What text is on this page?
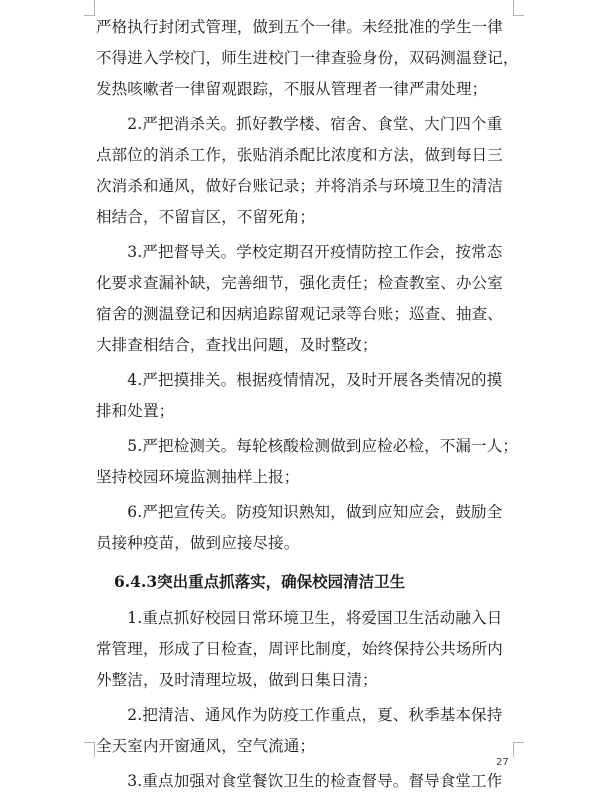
严格执行封闭式管理，做到五个一律。未经批准的学生一律
不得进入学校门，师生进校门一律查验身份，双码测温登记，
发热咳嗽者一律留观跟踪，不服从管理者一律严肃处理；
　　2.严把消杀关。抓好教学楼、宿舍、食堂、大门四个重
点部位的消杀工作，张贴消杀配比浓度和方法，做到每日三
次消杀和通风，做好台账记录；并将消杀与环境卫生的清洁
相结合，不留盲区，不留死角；
　　3.严把督导关。学校定期召开疫情防控工作会，按常态
化要求查漏补缺，完善细节，强化责任；检查教室、办公室
宿舍的测温登记和因病追踪留观记录等台账；巡查、抽查、
大排查相结合，查找出问题，及时整改；
　　4.严把摸排关。根据疫情情况，及时开展各类情况的摸
排和处置；
　　5.严把检测关。每轮核酸检测做到应检必检，不漏一人；
坚持校园环境监测抽样上报；
　　6.严把宣传关。防疫知识熟知，做到应知应会，鼓励全
员接种疫苗，做到应接尽接。
6.4.3突出重点抓落实，确保校园清洁卫生
　　1.重点抓好校园日常环境卫生，将爱国卫生活动融入日
常管理，形成了日检查，周评比制度，始终保持公共场所内
外整洁，及时清理垃圾，做到日集日清；
　　2.把清洁、通风作为防疫工作重点，夏、秋季基本保持
全天室内开窗通风，空气流通；
　　3.重点加强对食堂餐饮卫生的检查督导。督导食堂工作
27
